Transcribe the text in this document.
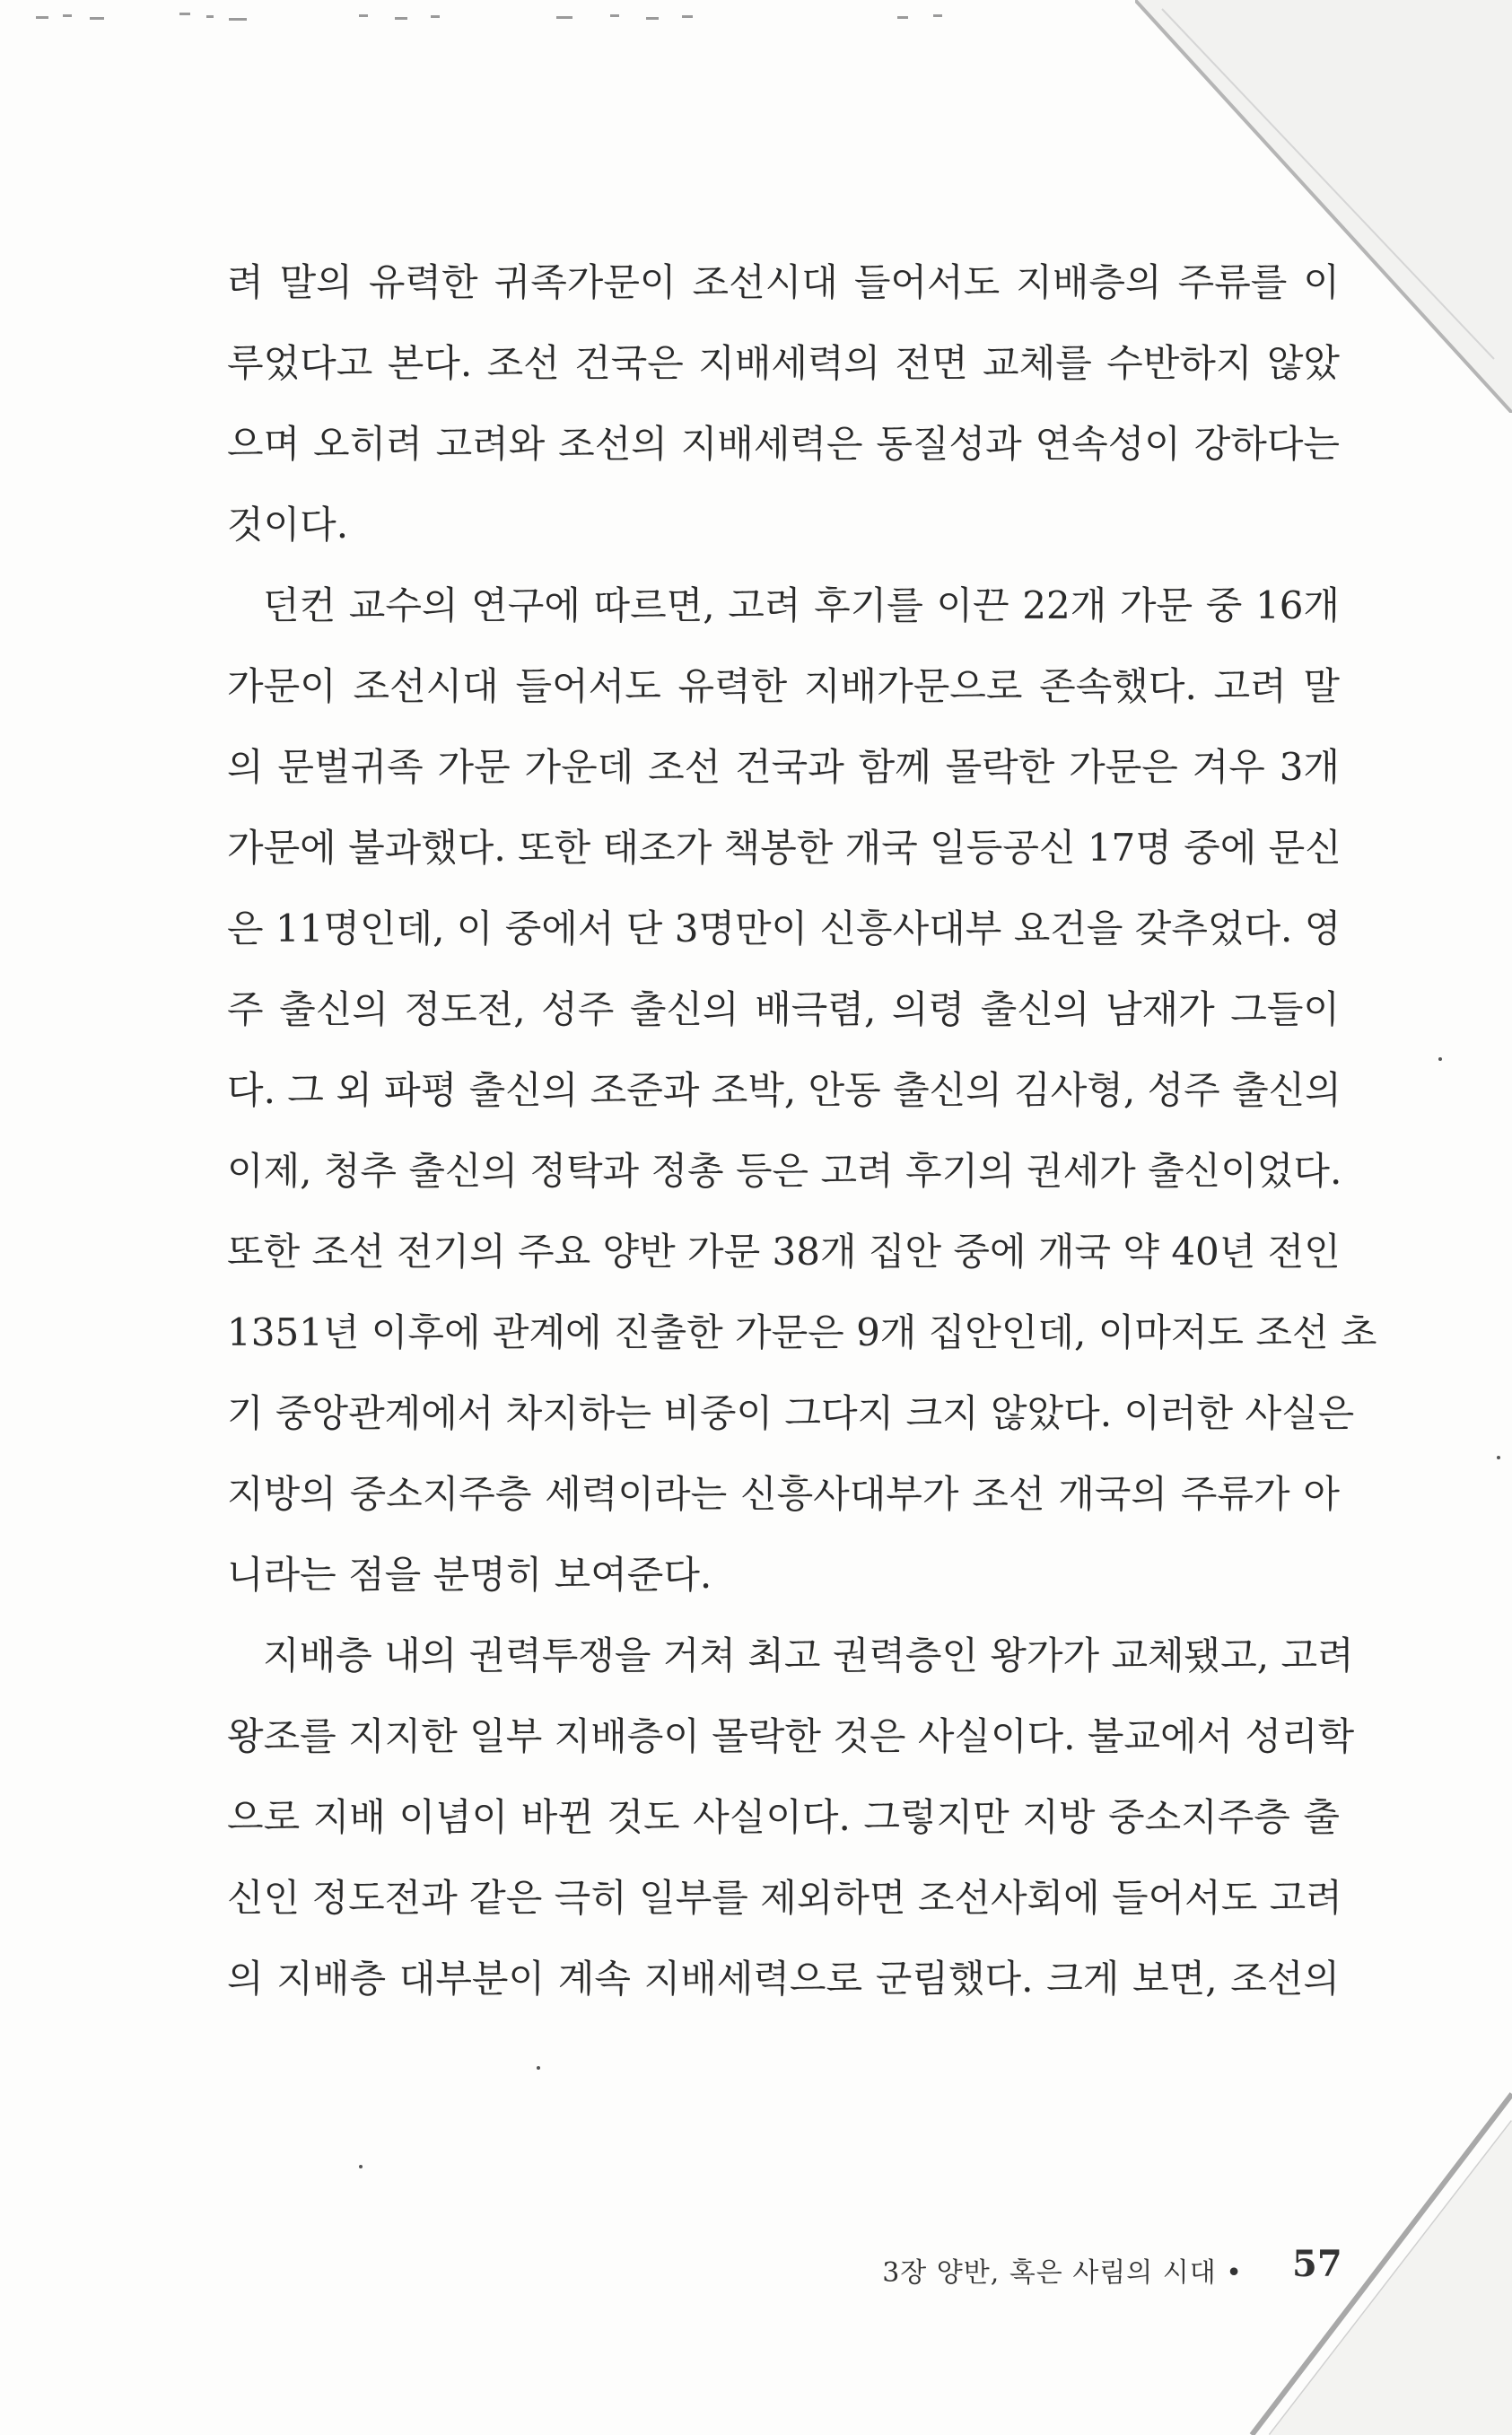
려 말의 유력한 귀족가문이 조선시대 들어서도 지배층의 주류를 이
루었다고 본다. 조선 건국은 지배세력의 전면 교체를 수반하지 않았
으며 오히려 고려와 조선의 지배세력은 동질성과 연속성이 강하다는
것이다.
던컨 교수의 연구에 따르면, 고려 후기를 이끈 22개 가문 중 16개
가문이 조선시대 들어서도 유력한 지배가문으로 존속했다. 고려 말
의 문벌귀족 가문 가운데 조선 건국과 함께 몰락한 가문은 겨우 3개
가문에 불과했다. 또한 태조가 책봉한 개국 일등공신 17명 중에 문신
은 11명인데, 이 중에서 단 3명만이 신흥사대부 요건을 갖추었다. 영
주 출신의 정도전, 성주 출신의 배극렴, 의령 출신의 남재가 그들이
다. 그 외 파평 출신의 조준과 조박, 안동 출신의 김사형, 성주 출신의
이제, 청추 출신의 정탁과 정총 등은 고려 후기의 권세가 출신이었다.
또한 조선 전기의 주요 양반 가문 38개 집안 중에 개국 약 40년 전인
1351년 이후에 관계에 진출한 가문은 9개 집안인데, 이마저도 조선 초
기 중앙관계에서 차지하는 비중이 그다지 크지 않았다. 이러한 사실은
지방의 중소지주층 세력이라는 신흥사대부가 조선 개국의 주류가 아
니라는 점을 분명히 보여준다.
지배층 내의 권력투쟁을 거쳐 최고 권력층인 왕가가 교체됐고, 고려
왕조를 지지한 일부 지배층이 몰락한 것은 사실이다. 불교에서 성리학
으로 지배 이념이 바뀐 것도 사실이다. 그렇지만 지방 중소지주층 출
신인 정도전과 같은 극히 일부를 제외하면 조선사회에 들어서도 고려
의 지배층 대부분이 계속 지배세력으로 군림했다. 크게 보면, 조선의
3장 양반, 혹은 사림의 시대 • 57
